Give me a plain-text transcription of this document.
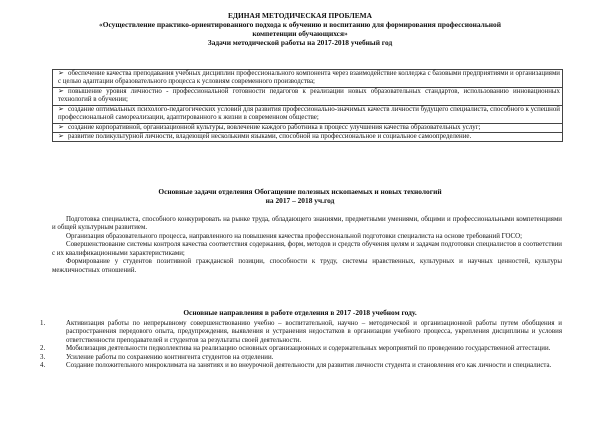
ЕДИНАЯ МЕТОДИЧЕСКАЯ ПРОБЛЕМА
«Осуществление практико-ориентированного подхода к обучению и воспитанию для формирования профессиональной
компетенции обучающихся»
Задачи методической работы на 2017-2018 учебный год
➢ обеспечение качества преподавания учебных дисциплин профессионального компонента через взаимодействие колледжа с базовыми предприятиями и организациями с целью адаптации образовательного процесса к условиям современного производства;
➢ повышение уровня личностно - профессиональной готовности педагогов к реализации новых образовательных стандартов, использованию инновационных технологий в обучении;
➢ создание оптимальных психолого-педагогических условий для развития профессионально-значимых качеств личности будущего специалиста, способного к успешной профессиональной самореализации, адаптированного к жизни в современном обществе;
➢ создание корпоративной, организационной культуры, вовлечение каждого работника в процесс улучшения качества образовательных услуг;
➢ развитие поликультурной личности, владеющей несколькими языками, способной на профессиональное и социальное самоопределение.
Основные задачи отделения Обогащение полезных ископаемых и новых технологий
на 2017 – 2018 уч.год

Подготовка специалиста, способного конкурировать на рынке труда, обладающего знаниями, предметными умениями, общими и профессиональными компетенциями и общей культурным развитием.

Организация образовательного процесса, направленного на повышения качества профессиональной подготовки специалиста на основе требований ГОСО;

Совершенствование системы контроля качества соответствия содержания, форм, методов и средств обучения целям и задачам подготовки специалистов в соответствии с их квалификационными характеристиками;

Формирование у студентов позитивной гражданской позиции, способности к труду, системы нравственных, культурных и научных ценностей, культуры межличностных отношений.

Основные направления в работе отделения в 2017 -2018 учебном году.
1.	Активизация работы по непрерывному совершенствованию учебно – воспитательной, научно – методической и организационной работы путем обобщения и распространения передового опыта, предупреждения, выявления и устранения недостатков в организации учебного процесса, укрепления дисциплины и условия ответственности преподавателей и студентов за результаты своей деятельности.
2.	Мобилизация деятельности педколлектива на реализацию основных организационных и содержательных мероприятий по проведению государственной аттестации.
3.	Усиление работы по сохранению контингента студентов на отделении.
4.	Создание положительного микроклимата на занятиях и во внеурочной деятельности для развития личности студента и становления его как личности и специалиста.
